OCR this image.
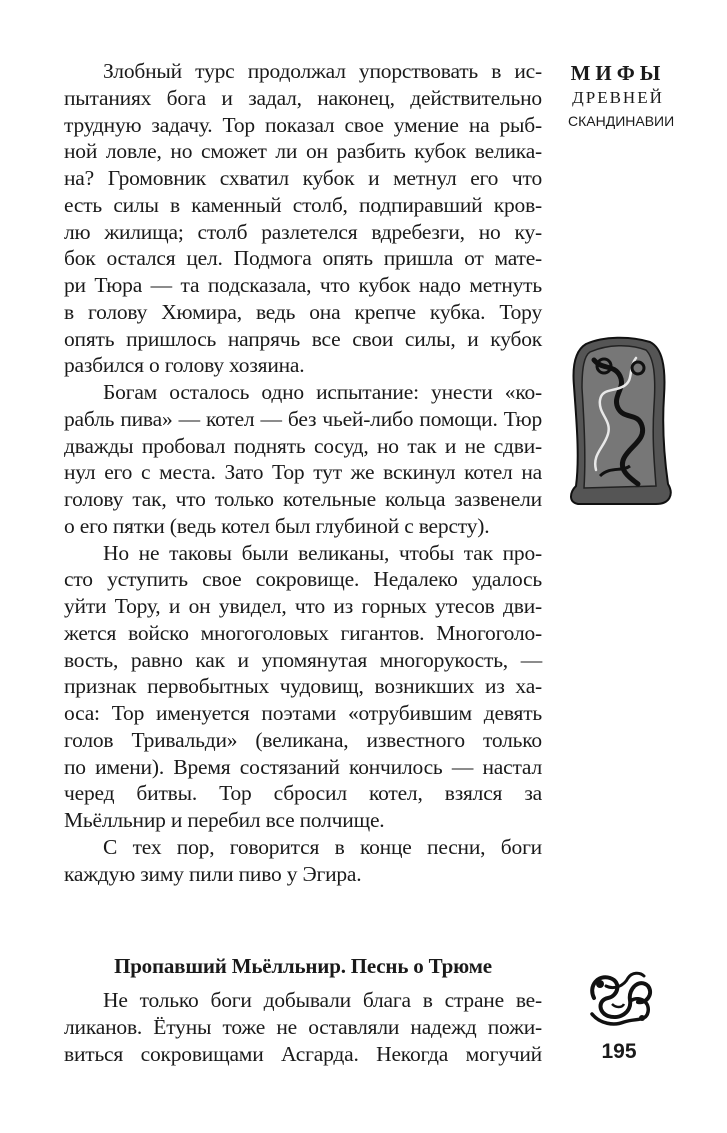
Злобный турс продолжал упорствовать в ис-
пытаниях бога и задал, наконец, действительно
трудную задачу. Тор показал свое умение на рыб-
ной ловле, но сможет ли он разбить кубок велика-
на? Громовник схватил кубок и метнул его что
есть силы в каменный столб, подпиравший кров-
лю жилища; столб разлетелся вдребезги, но ку-
бок остался цел. Подмога опять пришла от мате-
ри Тюра — та подсказала, что кубок надо метнуть
в голову Хюмира, ведь она крепче кубка. Тору
опять пришлось напрячь все свои силы, и кубок
разбился о голову хозяина.
Богам осталось одно испытание: унести «ко-
рабль пива» — котел — без чьей-либо помощи. Тюр
дважды пробовал поднять сосуд, но так и не сдви-
нул его с места. Зато Тор тут же вскинул котел на
голову так, что только котельные кольца зазвенели
о его пятки (ведь котел был глубиной с версту).
Но не таковы были великаны, чтобы так про-
сто уступить свое сокровище. Недалеко удалось
уйти Тору, и он увидел, что из горных утесов дви-
жется войско многоголовых гигантов. Многоголо-
вость, равно как и упомянутая многорукость, —
признак первобытных чудовищ, возникших из ха-
оса: Тор именуется поэтами «отрубившим девять
голов Тривальди» (великана, известного только
по имени). Время состязаний кончилось — настал
черед битвы. Тор сбросил котел, взялся за
Мьёлльнир и перебил все полчище.
С тех пор, говорится в конце песни, боги
каждую зиму пили пиво у Эгира.
Пропавший Мьёлльнир. Песнь о Трюме
Не только боги добывали блага в стране ве-
ликанов. Ётуны тоже не оставляли надежд пожи-
виться сокровищами Асгарда. Некогда могучий
МИФЫ
ДРЕВНЕЙ
СКАНДИНАВИИ
195
